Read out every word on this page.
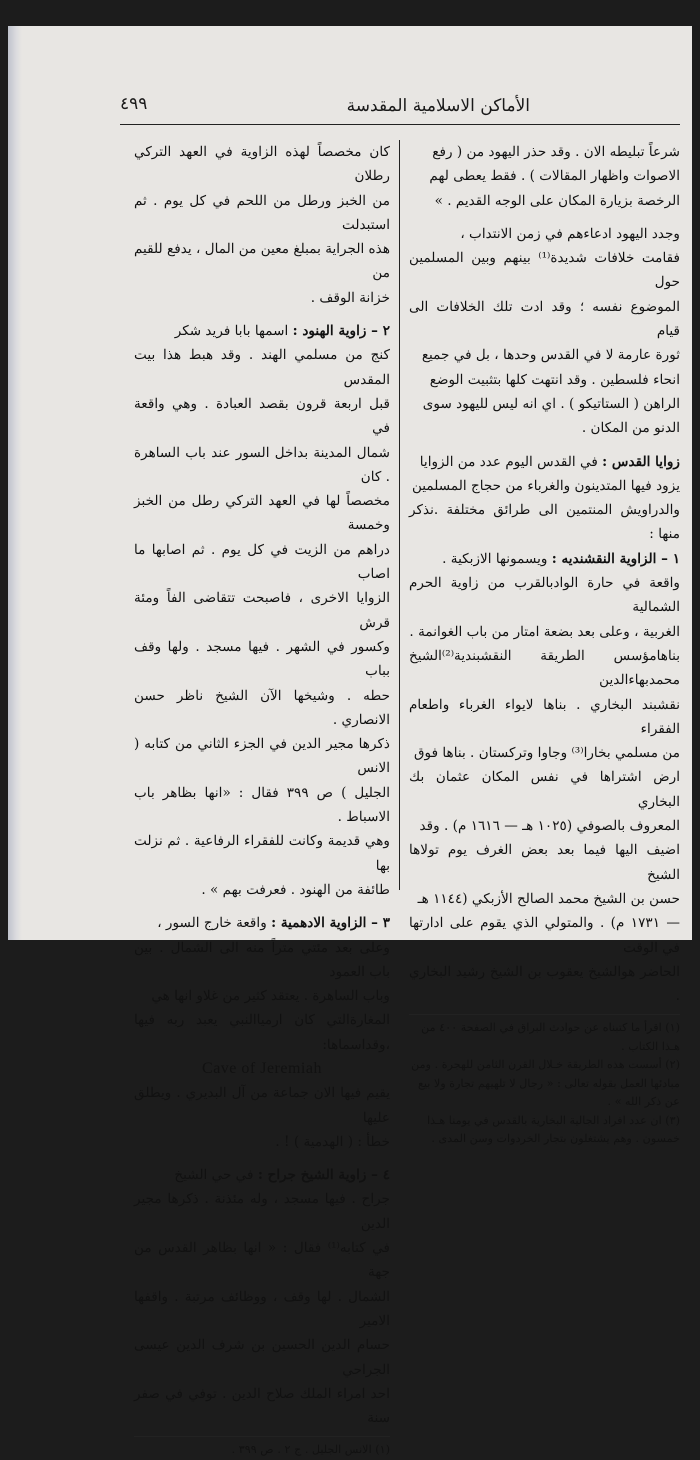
الأماكن الاسلامية المقدسة
٤٩٩

شرعاً تبليطه الان . وقد حذر اليهود من ( رفع

الاصوات واظهار المقالات ) . فقط يعطى لهم

الرخصة بزيارة المكان على الوجه القديم . »

وجدد اليهود ادعاءهم في زمن الانتداب ،

فقامت خلافات شديدة⁽¹⁾ بينهم وبين المسلمين حول

الموضوع نفسه ؛ وقد ادت تلك الخلافات الى قيام

ثورة عارمة لا في القدس وحدها ، بل في جميع

انحاء فلسطين . وقد انتهت كلها بتثبيت الوضع

الراهن ( الستاتيكو ) . اي انه ليس لليهود سوى

الدنو من المكان .

زوايا القدس : في القدس اليوم عدد من الزوايا

يزود فيها المتدينون والغرباء من حجاج المسلمين

والدراويش المنتمين الى طرائق مختلفة .نذكر منها :

١ – الزاوية النقشنديه : ويسمونها الازبكية .

واقعة في حارة الوادبالقرب من زاوية الحرم الشمالية

الغربية ، وعلى بعد بضعة امتار من باب الغوانمة .

بناهامؤسس الطريقة النقشبندية⁽²⁾الشيخ محمدبهاءالدين

نقشبند البخاري . بناها لايواء الغرباء واطعام الفقراء

من مسلمي بخارا⁽³⁾ وجاوا وتركستان . بناها فوق

ارض اشتراها في نفس المكان عثمان بك البخاري

المعروف بالصوفي (١٠٢٥ هـ — ١٦١٦ م) . وقد

اضيف اليها فيما بعد بعض الغرف يوم تولاها الشيخ

حسن بن الشيخ محمد الصالح الأزبكي (١١٤٤ هـ

— ١٧٣١ م) . والمتولي الذي يقوم على ادارتها في الوقت

الحاضر هوالشيخ يعقوب بن الشيخ رشيد البخاري .

(١) اقرأ ما كتبناه عن حوادث البراق في الصفحة ٤٠٠ من هـذا الكتاب .

(٢) أسست هذه الطريقة خـلال القرن الثامن للهجرة . ومن مبادئها العمل بقوله تعالى : « رجال لا تلهيهم تجارة ولا بيع عن ذكر الله » .

(٣) ان عدد افراد الجالية البخارية بالقدس في يومنا هـذا خمسون . وهم يشتغلون بتجار الخردوات وسن المدى .

كان مخصصاً لهذه الزاوية في العهد التركي رطلان

من الخبز ورطل من اللحم في كل يوم . ثم استبدلت

هذه الجراية بمبلغ معين من المال ، يدفع للقيم من

خزانة الوقف .

٢ – زاوية الهنود : اسمها بابا فريد شكر

كنج من مسلمي الهند . وقد هبط هذا بيت المقدس

قبل اربعة قرون بقصد العبادة . وهي واقعة في

شمال المدينة بداخل السور عند باب الساهرة . كان

مخصصاً لها في العهد التركي رطل من الخبز وخمسة

دراهم من الزيت في كل يوم . ثم اصابها ما اصاب

الزوايا الاخرى ، فاصبحت تتقاضى الفاً ومئة قرش

وكسور في الشهر . فيها مسجد . ولها وقف بباب

حطه . وشيخها الآن الشيخ ناظر حسن الانصاري .

ذكرها مجير الدين في الجزء الثاني من كتابه ( الانس

الجليل ) ص ٣٩٩ فقال : «انها بظاهر باب الاسباط .

وهي قديمة وكانت للفقراء الرفاعية . ثم نزلت بها

طائفة من الهنود . فعرفت بهم » .

٣ – الزاوية الادهمية : واقعة خارج السور ،

وعلى بعد مئتي متراً منه الى الشمال . بين باب العمود

وباب الساهرة . يعتقد كثير من غلاو انها هي

المغارةالتي كان ارمياالنبي يعبد ربه فيها ،وقداسماها:

Cave of Jeremiah

يقيم فيها الان جماعة من آل البديري . ويطلق عليها

خطأ : ( الهدمية ) ! .

٤ – زاوية الشيخ جراح : في حي الشيخ

جراح . فيها مسجد ، وله مئذنة . ذكرها مجير الدين

في كتابه⁽¹⁾ فقال : « انها بظاهر القدس من جهة

الشمال . لها وقف ، ووظائف مرتبة . واقفها الامير

حسام الدين الحسين بن شرف الدين عيسى الجراحي

احد امراء الملك صلاح الدين . توفي في صفر سنة

(١) الانس الجليل . ج ٢ . ص ٣٩٩ .
